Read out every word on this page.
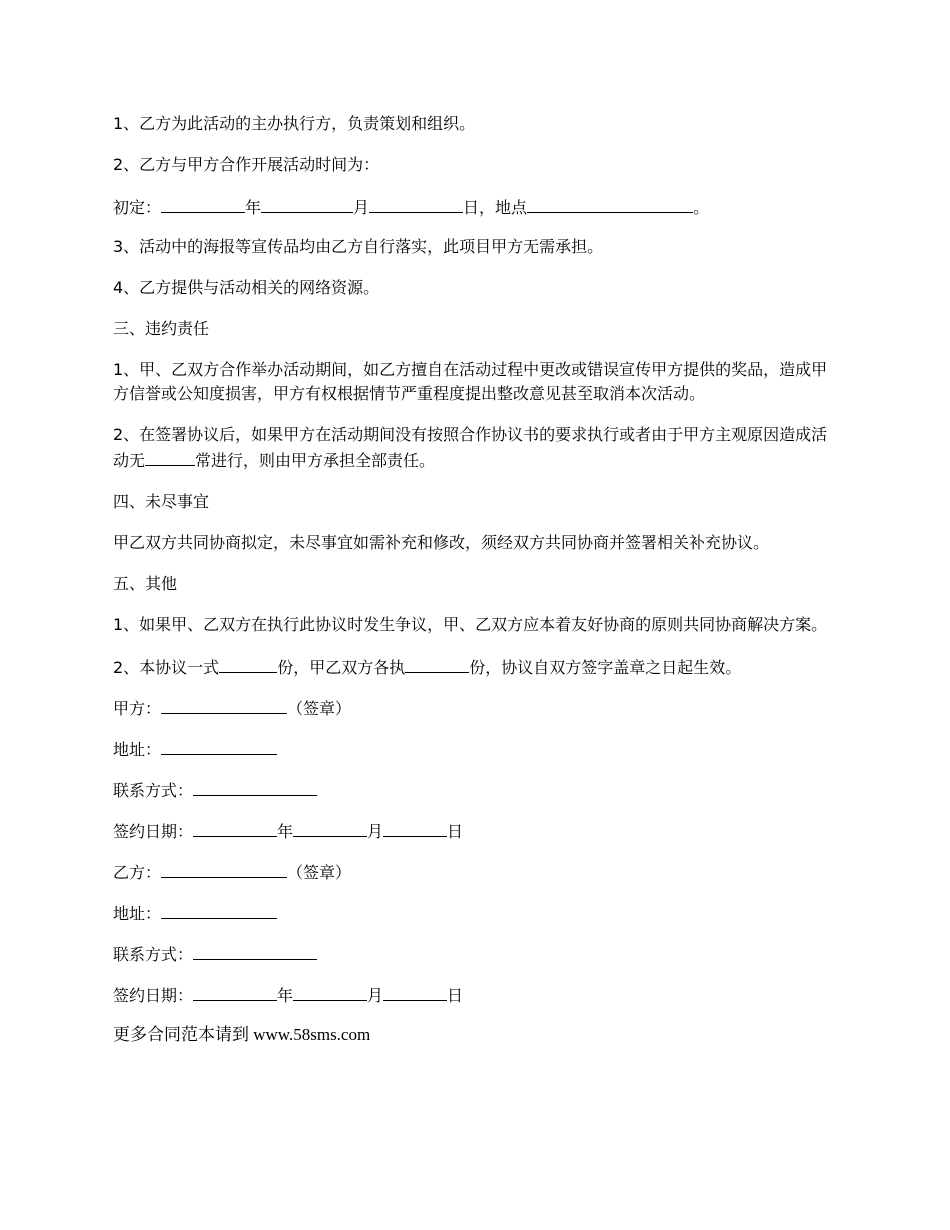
1、乙方为此活动的主办执行方，负责策划和组织。
2、乙方与甲方合作开展活动时间为：
初定：	年	月	日，地点	。
3、活动中的海报等宣传品均由乙方自行落实，此项目甲方无需承担。
4、乙方提供与活动相关的网络资源。
三、违约责任

1、甲、乙双方合作举办活动期间，如乙方擅自在活动过程中更改或错误宣传甲方提供的奖品，造成甲方信誉或公知度损害，甲方有权根据情节严重程度提出整改意见甚至取消本次活动。

2、在签署协议后，如果甲方在活动期间没有按照合作协议书的要求执行或者由于甲方主观原因造成活动无	常进行，则由甲方承担全部责任。

四、未尽事宜

甲乙双方共同协商拟定，未尽事宜如需补充和修改，须经双方共同协商并签署相关补充协议。

五、其他

1、如果甲、乙双方在执行此协议时发生争议，甲、乙双方应本着友好协商的原则共同协商解决方案。

2、本协议一式	份，甲乙双方各执	份，协议自双方签字盖章之日起生效。
甲方：	（签章）
地址：
联系方式：
签约日期：	年	月	日
乙方：	（签章）
地址：
联系方式：
签约日期：	年	月	日
更多合同范本请到 www.58sms.com
